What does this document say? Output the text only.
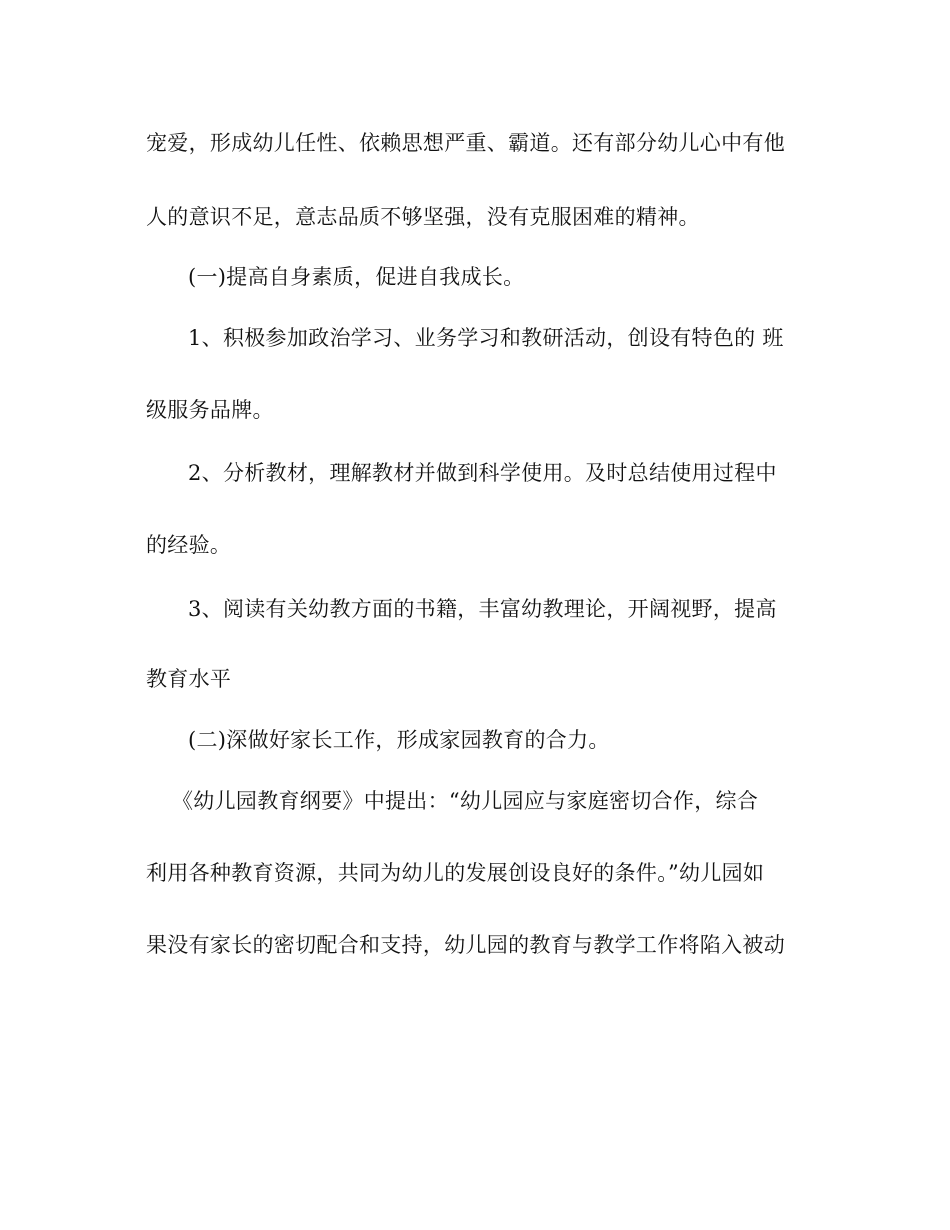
宠爱，形成幼儿任性、依赖思想严重、霸道。还有部分幼儿心中有他
人的意识不足，意志品质不够坚强，没有克服困难的精神。
(一)提高自身素质，促进自我成长。
1、积极参加政治学习、业务学习和教研活动，创设有特色的 班
级服务品牌。
2、分析教材，理解教材并做到科学使用。及时总结使用过程中
的经验。
3、阅读有关幼教方面的书籍，丰富幼教理论，开阔视野，提高
教育水平
(二)深做好家长工作，形成家园教育的合力。
《幼儿园教育纲要》中提出：“幼儿园应与家庭密切合作，综合
利用各种教育资源，共同为幼儿的发展创设良好的条件。”幼儿园如
果没有家长的密切配合和支持，幼儿园的教育与教学工作将陷入被动
